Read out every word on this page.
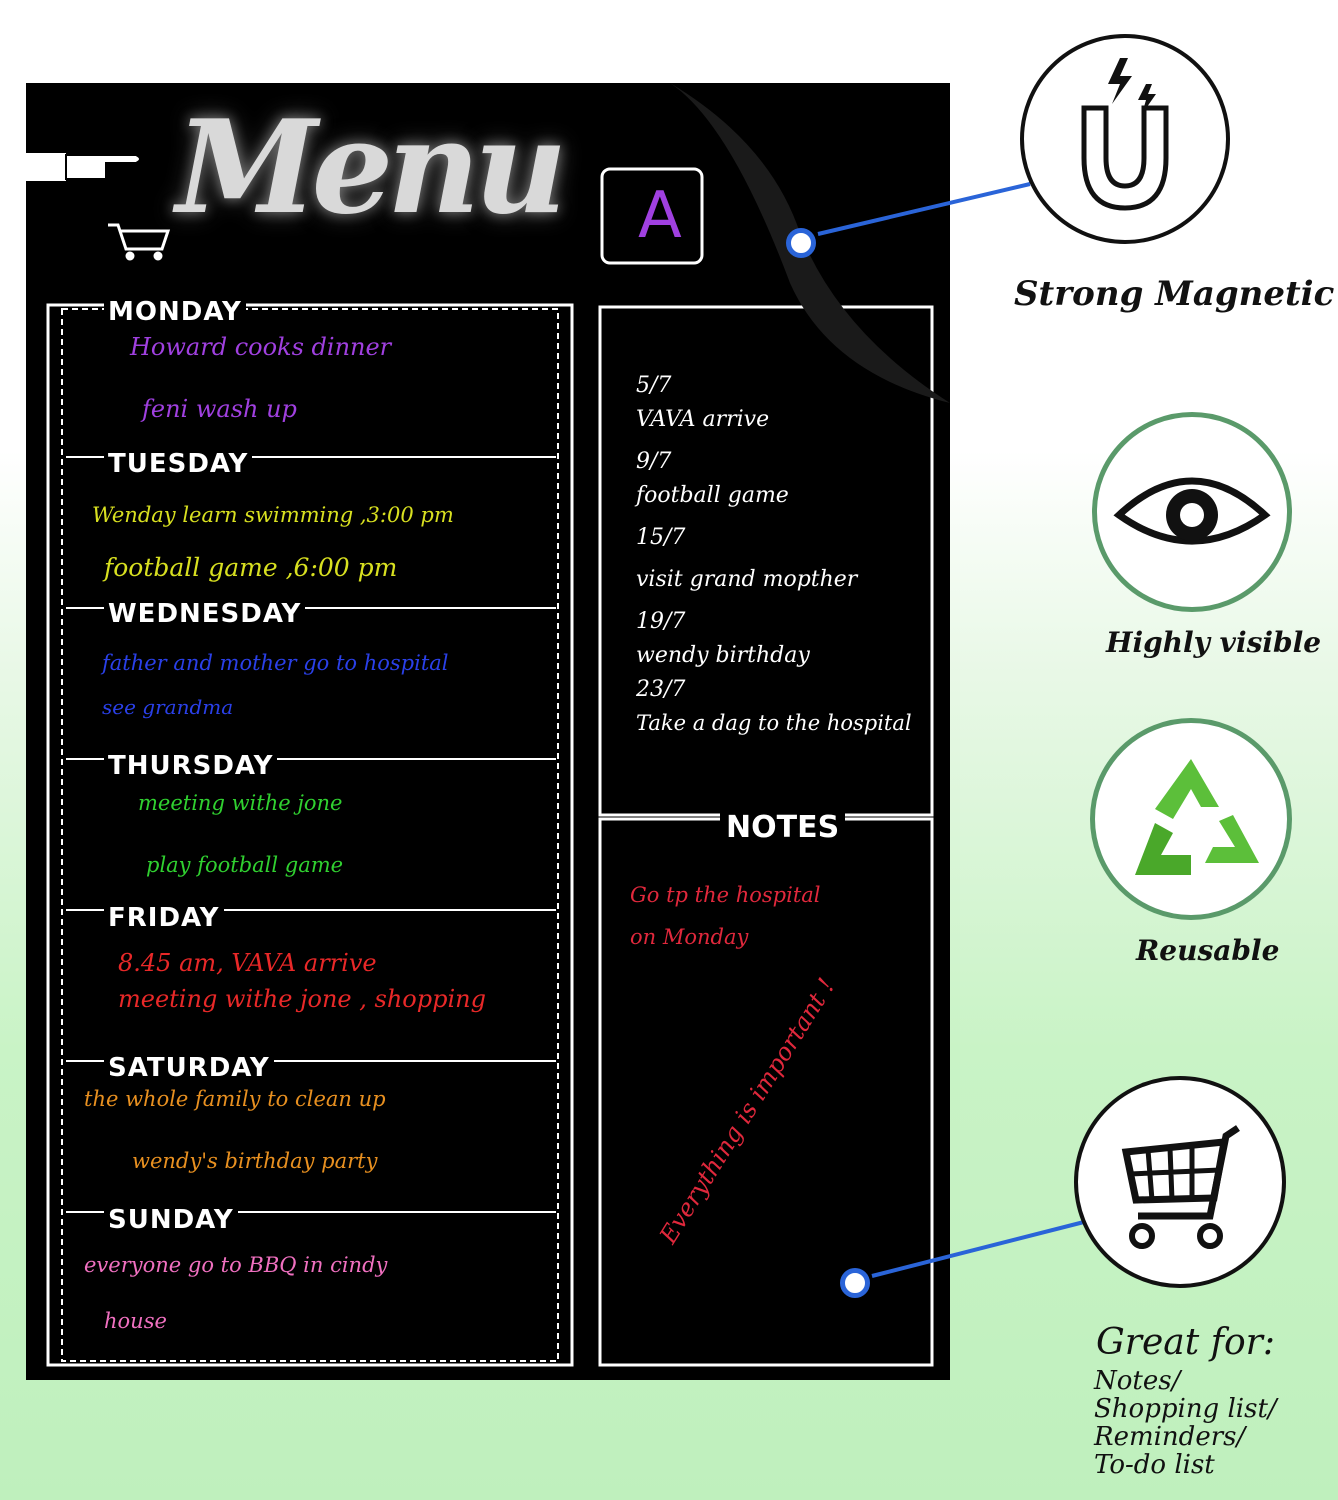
Menu A
MONDAY
Howard cooks dinner
feni wash up
TUESDAY
Wenday learn swimming ,3:00 pm
football game ,6:00 pm
WEDNESDAY
father and mother go to hospital
see grandma
THURSDAY
meeting withe jone
play football game
FRIDAY
8.45 am, VAVA arrive
meeting withe jone , shopping
SATURDAY
the whole family to clean up
wendy's birthday party
SUNDAY
everyone go to BBQ in cindy
house
5/7
VAVA arrive
9/7
football game
15/7
visit grand mopther
19/7
wendy birthday
23/7
Take a dag to the hospital
NOTES
Go tp the hospital
on Monday
Everything is important !
Strong Magnetic
Highly visible
Reusable
Great for:
Notes/
Shopping list/
Reminders/
To-do list
